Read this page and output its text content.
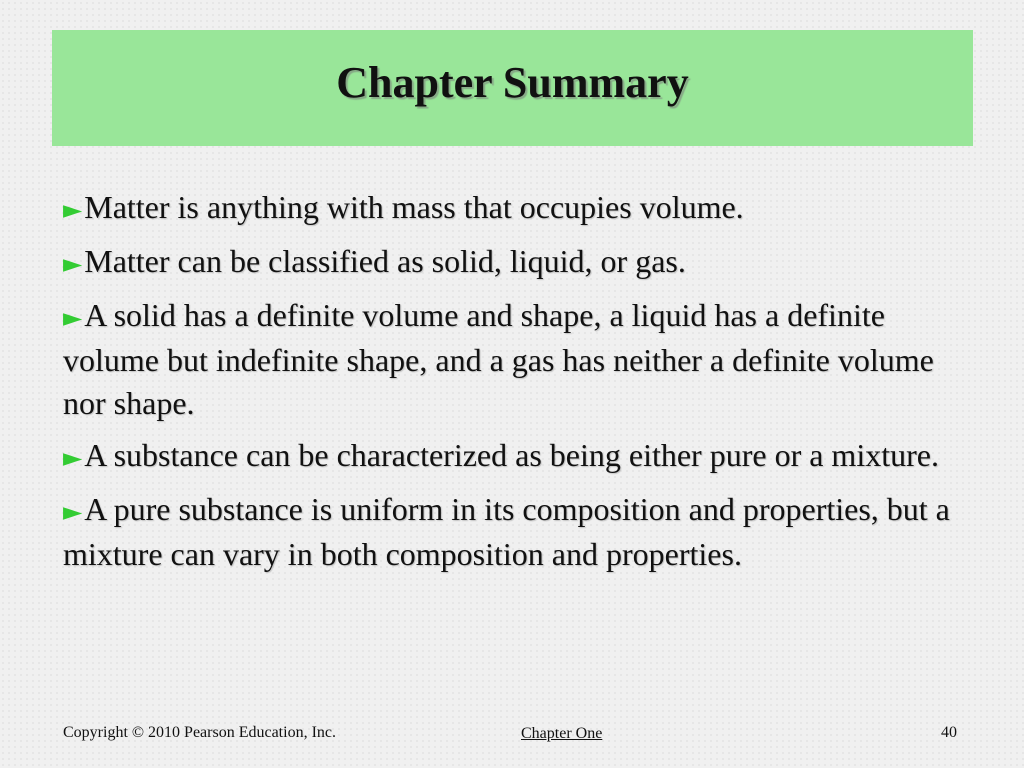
Chapter Summary
►Matter is anything with mass that occupies volume.
►Matter can be classified as solid, liquid, or gas.
►A solid has a definite volume and shape, a liquid has a definite volume but indefinite shape, and a gas has neither a definite volume nor shape.
►A substance can be characterized as being either pure or a mixture.
►A pure substance is uniform in its composition and properties, but a mixture can vary in both composition and properties.
Copyright © 2010 Pearson Education, Inc.	Chapter One	40
